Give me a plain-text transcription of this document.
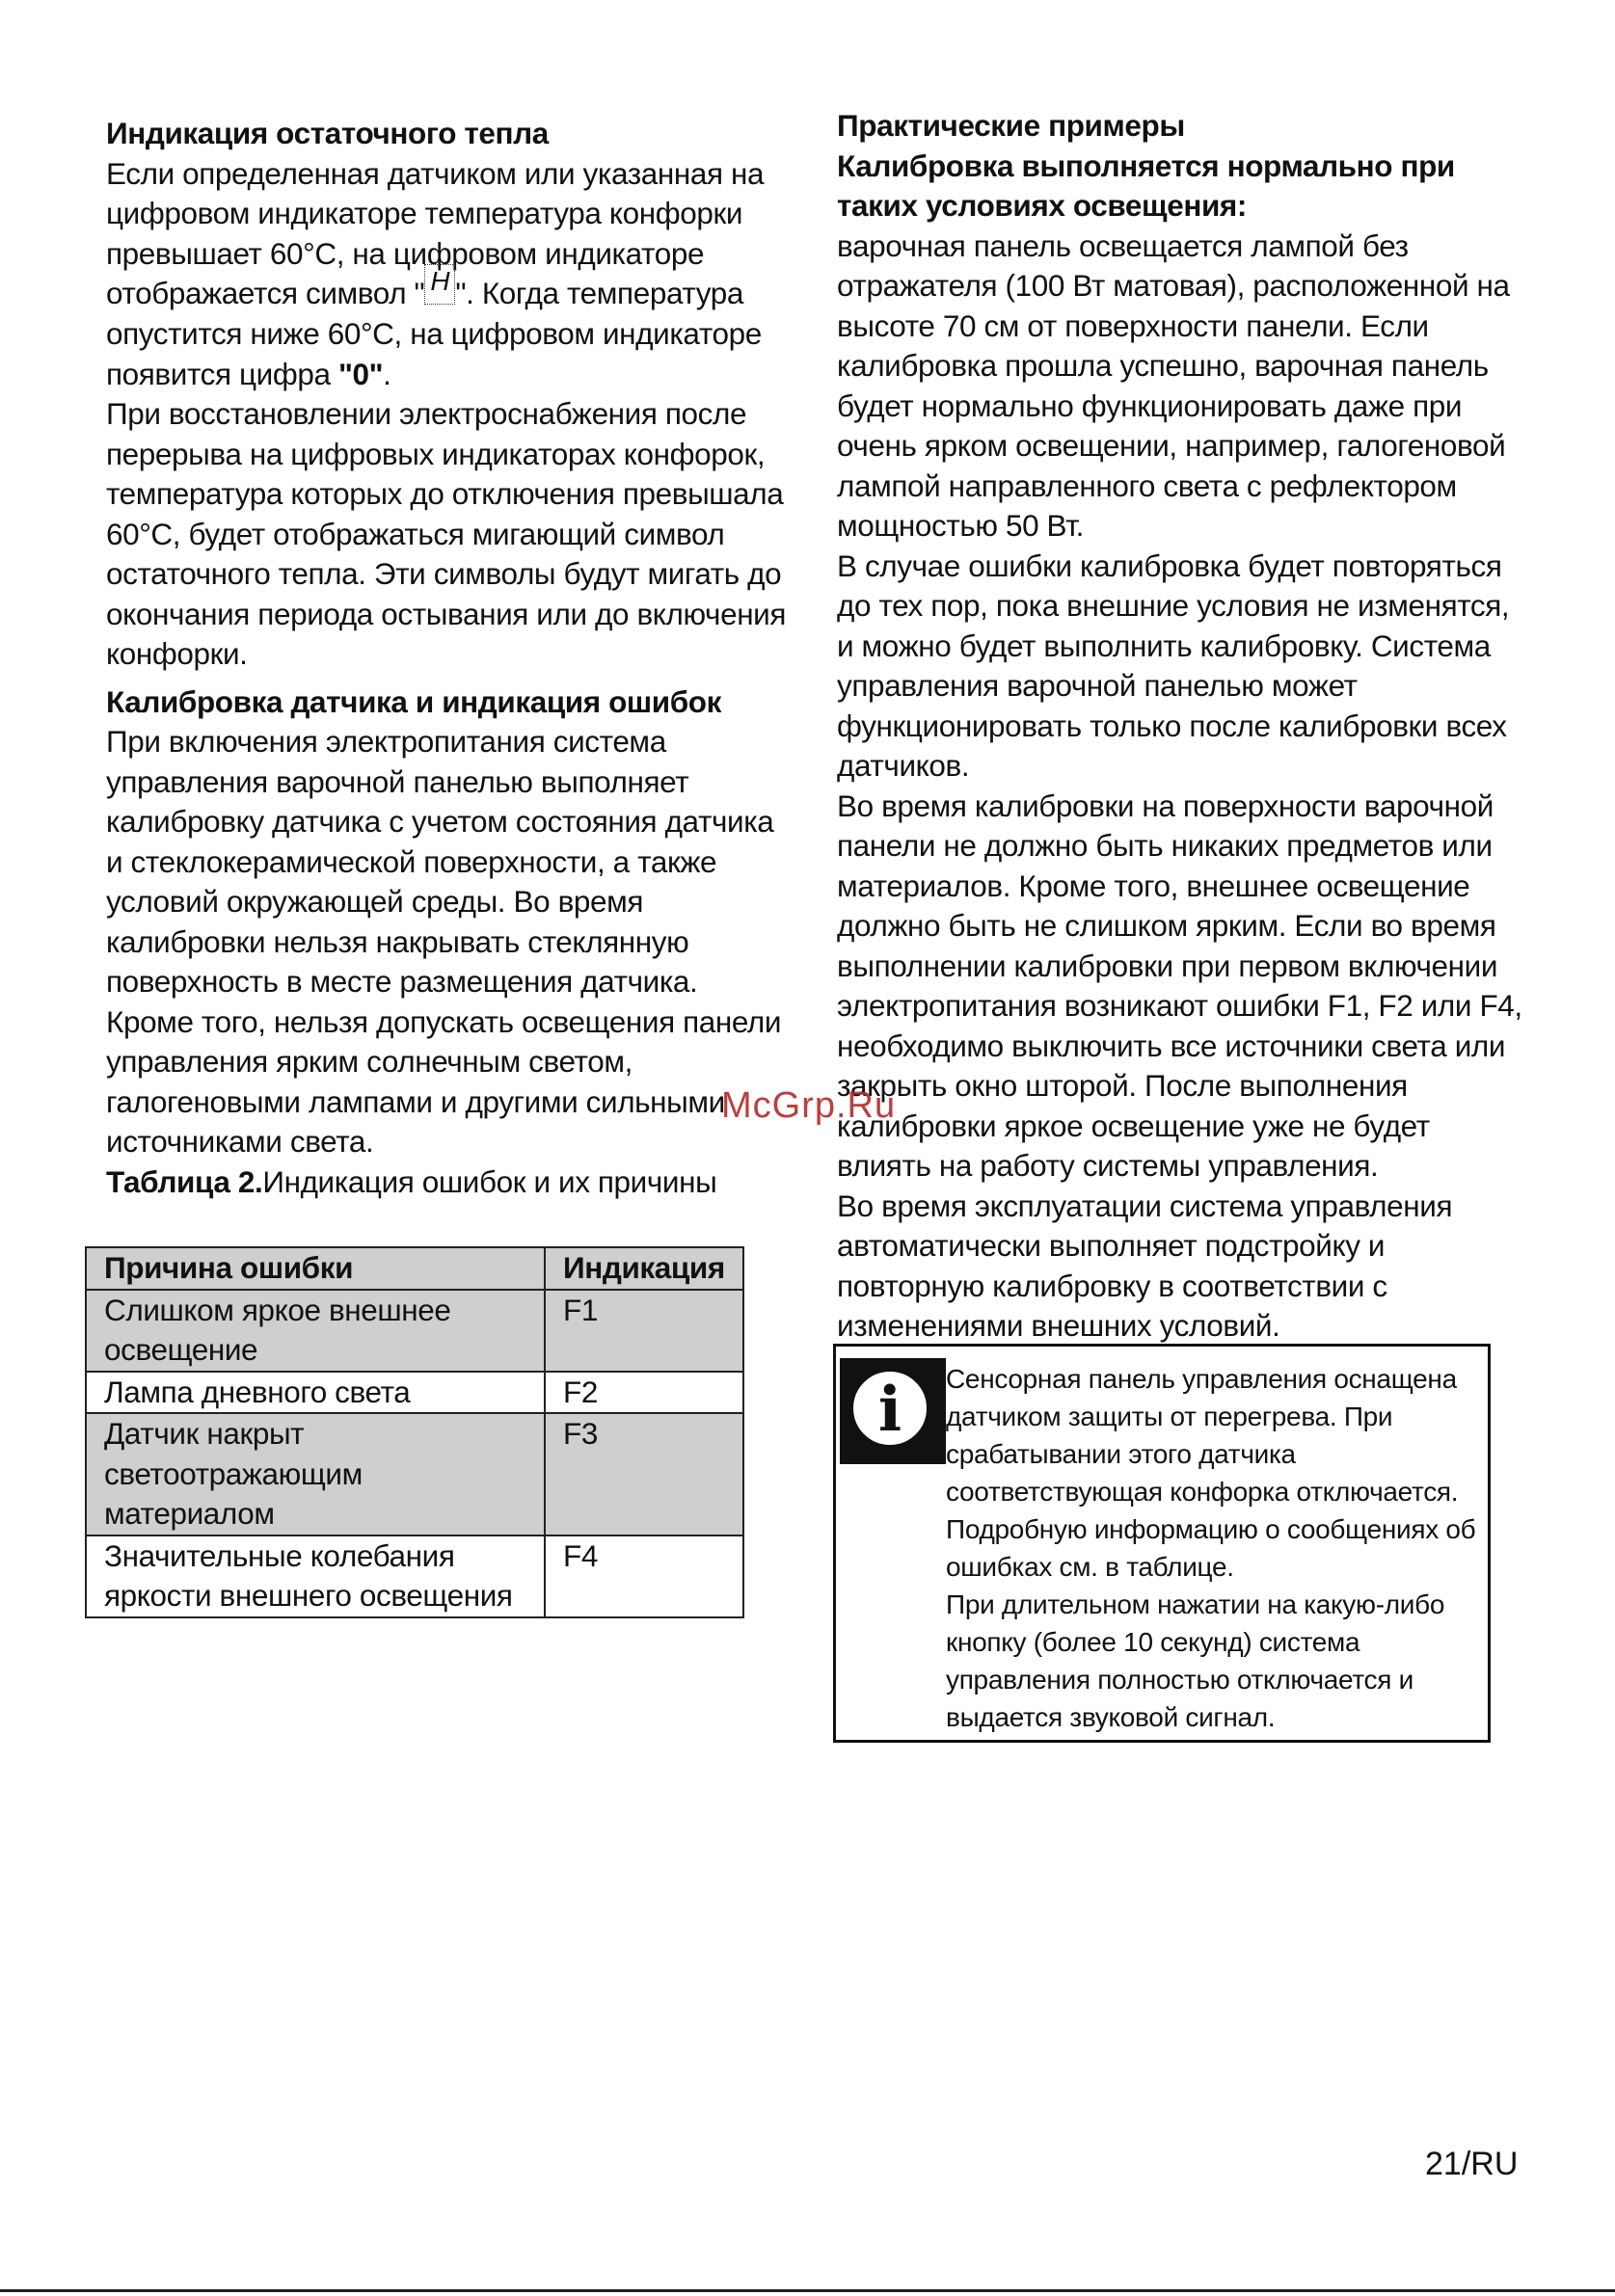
Индикация остаточного тепла

Если определенная датчиком или указанная на цифровом индикаторе температура конфорки превышает 60°C, на цифровом индикаторе отображается символ " H ". Когда температура опустится ниже 60°C, на цифровом индикаторе появится цифра "0".

При восстановлении электроснабжения после перерыва на цифровых индикаторах конфорок, температура которых до отключения превышала 60°C, будет отображаться мигающий символ остаточного тепла. Эти символы будут мигать до окончания периода остывания или до включения конфорки.

Калибровка датчика и индикация ошибок

При включения электропитания система управления варочной панелью выполняет калибровку датчика с учетом состояния датчика и стеклокерамической поверхности, а также условий окружающей среды. Во время калибровки нельзя накрывать стеклянную поверхность в месте размещения датчика. Кроме того, нельзя допускать освещения панели управления ярким солнечным светом, галогеновыми лампами и другими сильными источниками света.

Таблица 2.Индикация ошибок и их причины

Причина ошибки	Индикация
Слишком яркое внешнее освещение	F1
Лампа дневного света	F2
Датчик накрыт светоотражающим материалом	F3
Значительные колебания яркости внешнего освещения	F4
Практические примеры
Калибровка выполняется нормально при таких условиях освещения:

варочная панель освещается лампой без отражателя (100 Вт матовая), расположенной на высоте 70 см от поверхности панели. Если калибровка прошла успешно, варочная панель будет нормально функционировать даже при очень ярком освещении, например, галогеновой лампой направленного света с рефлектором мощностью 50 Вт.

В случае ошибки калибровка будет повторяться до тех пор, пока внешние условия не изменятся, и можно будет выполнить калибровку. Система управления варочной панелью может функционировать только после калибровки всех датчиков.

Во время калибровки на поверхности варочной панели не должно быть никаких предметов или материалов. Кроме того, внешнее освещение должно быть не слишком ярким. Если во время выполнении калибровки при первом включении электропитания возникают ошибки F1, F2 или F4, необходимо выключить все источники света или закрыть окно шторой. После выполнения калибровки яркое освещение уже не будет влиять на работу системы управления.

Во время эксплуатации система управления автоматически выполняет подстройку и повторную калибровку в соответствии с изменениями внешних условий.

i	Сенсорная панель управления оснащена датчиком защиты от перегрева. При срабатывании этого датчика соответствующая конфорка отключается. Подробную информацию о сообщениях об ошибках см. в таблице.

При длительном нажатии на какую-либо кнопку (более 10 секунд) система управления полностью отключается и выдается звуковой сигнал.

McGrp.Ru
21/RU
